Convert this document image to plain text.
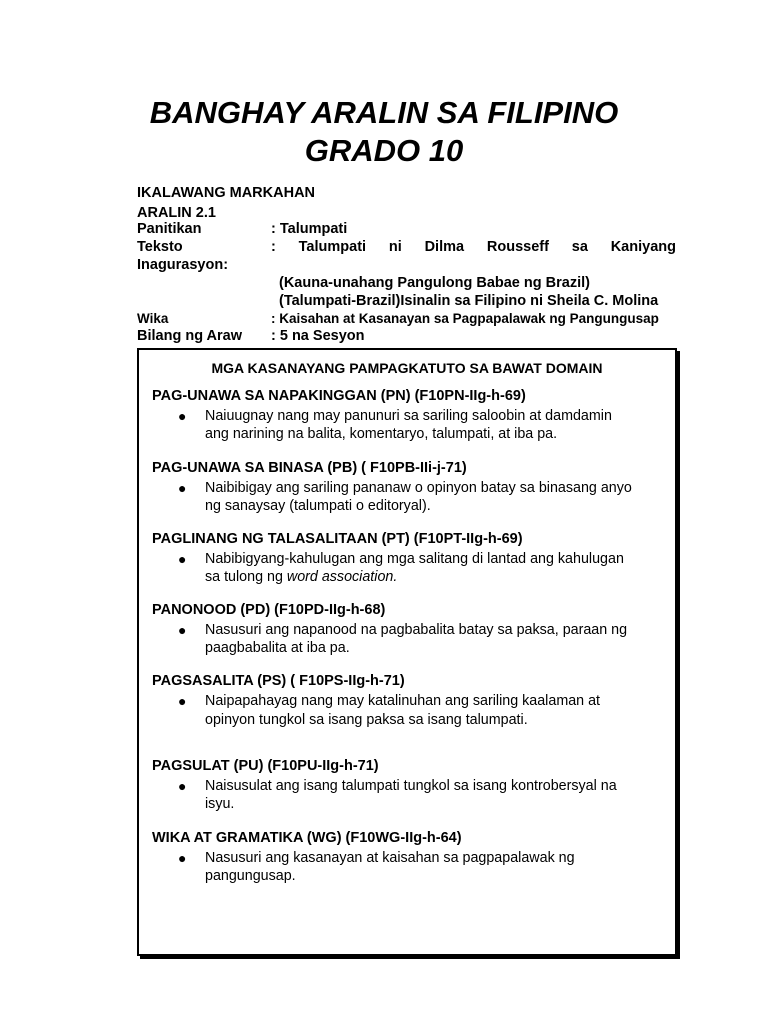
BANGHAY ARALIN SA FILIPINO
GRADO 10
IKALAWANG MARKAHAN
ARALIN 2.1
Panitikan	: Talumpati
Teksto	: Talumpati ni Dilma Rousseff sa Kaniyang
Inagurasyon:
(Kauna-unahang Pangulong Babae ng Brazil)
(Talumpati-Brazil)Isinalin sa Filipino ni Sheila C. Molina
Wika	: Kaisahan at Kasanayan sa Pagpapalawak ng Pangungusap
Bilang ng Araw : 5 na Sesyon
MGA KASANAYANG PAMPAGKATUTO SA BAWAT DOMAIN
PAG-UNAWA SA NAPAKINGGAN (PN) (F10PN-IIg-h-69)
● Naiuugnay nang may panunuri sa sariling saloobin at damdamin
ang narining na balita, komentaryo, talumpati, at iba pa.
PAG-UNAWA SA BINASA (PB) ( F10PB-IIi-j-71)
● Naibibigay ang sariling pananaw o opinyon batay sa binasang anyo
ng sanaysay (talumpati o editoryal).
PAGLINANG NG TALASALITAAN (PT) (F10PT-IIg-h-69)
● Nabibigyang-kahulugan ang mga salitang di lantad ang kahulugan
sa tulong ng word association.
PANONOOD (PD) (F10PD-IIg-h-68)
● Nasusuri ang napanood na pagbabalita batay sa paksa, paraan ng
paagbabalita at iba pa.
PAGSASALITA (PS) ( F10PS-IIg-h-71)
● Naipapahayag nang may katalinuhan ang sariling kaalaman at
opinyon tungkol sa isang paksa sa isang talumpati.
PAGSULAT (PU) (F10PU-IIg-h-71)
● Naisusulat ang isang talumpati tungkol sa isang kontrobersyal na
isyu.
WIKA AT GRAMATIKA (WG) (F10WG-IIg-h-64)
● Nasusuri ang kasanayan at kaisahan sa pagpapalawak ng
pangungusap.
